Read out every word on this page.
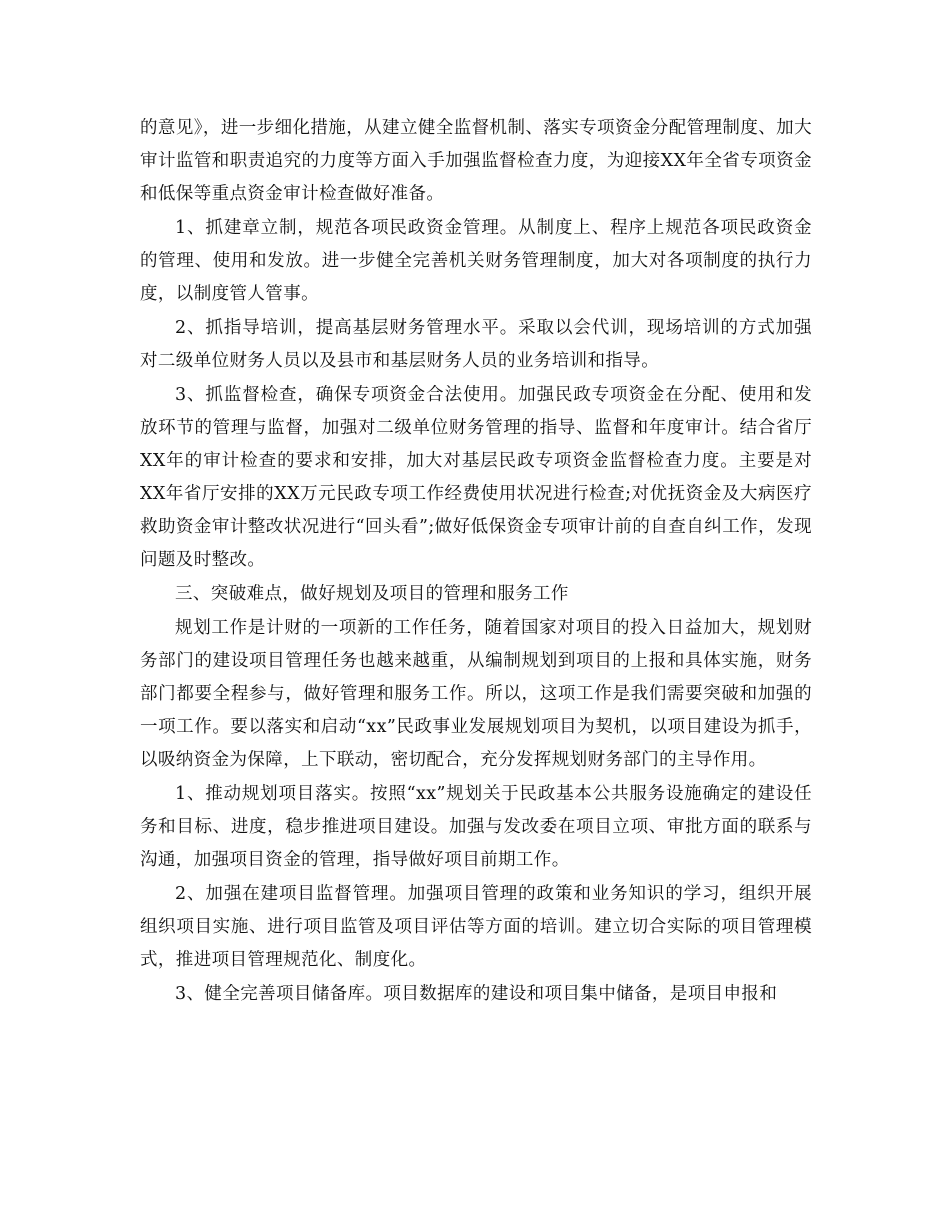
的意见》，进一步细化措施，从建立健全监督机制、落实专项资金分配管理制度、加大审计监管和职责追究的力度等方面入手加强监督检查力度，为迎接XX年全省专项资金和低保等重点资金审计检查做好准备。

1、抓建章立制，规范各项民政资金管理。从制度上、程序上规范各项民政资金的管理、使用和发放。进一步健全完善机关财务管理制度，加大对各项制度的执行力度，以制度管人管事。

2、抓指导培训，提高基层财务管理水平。采取以会代训，现场培训的方式加强对二级单位财务人员以及县市和基层财务人员的业务培训和指导。

3、抓监督检查，确保专项资金合法使用。加强民政专项资金在分配、使用和发放环节的管理与监督，加强对二级单位财务管理的指导、监督和年度审计。结合省厅XX年的审计检查的要求和安排，加大对基层民政专项资金监督检查力度。主要是对XX年省厅安排的XX万元民政专项工作经费使用状况进行检查;对优抚资金及大病医疗救助资金审计整改状况进行“回头看”;做好低保资金专项审计前的自查自纠工作，发现问题及时整改。

三、突破难点，做好规划及项目的管理和服务工作

规划工作是计财的一项新的工作任务，随着国家对项目的投入日益加大，规划财务部门的建设项目管理任务也越来越重，从编制规划到项目的上报和具体实施，财务部门都要全程参与，做好管理和服务工作。所以，这项工作是我们需要突破和加强的一项工作。要以落实和启动“xx”民政事业发展规划项目为契机，以项目建设为抓手，以吸纳资金为保障，上下联动，密切配合，充分发挥规划财务部门的主导作用。

1、推动规划项目落实。按照“xx”规划关于民政基本公共服务设施确定的建设任务和目标、进度，稳步推进项目建设。加强与发改委在项目立项、审批方面的联系与沟通，加强项目资金的管理，指导做好项目前期工作。

2、加强在建项目监督管理。加强项目管理的政策和业务知识的学习，组织开展组织项目实施、进行项目监管及项目评估等方面的培训。建立切合实际的项目管理模式，推进项目管理规范化、制度化。

3、健全完善项目储备库。项目数据库的建设和项目集中储备，是项目申报和
